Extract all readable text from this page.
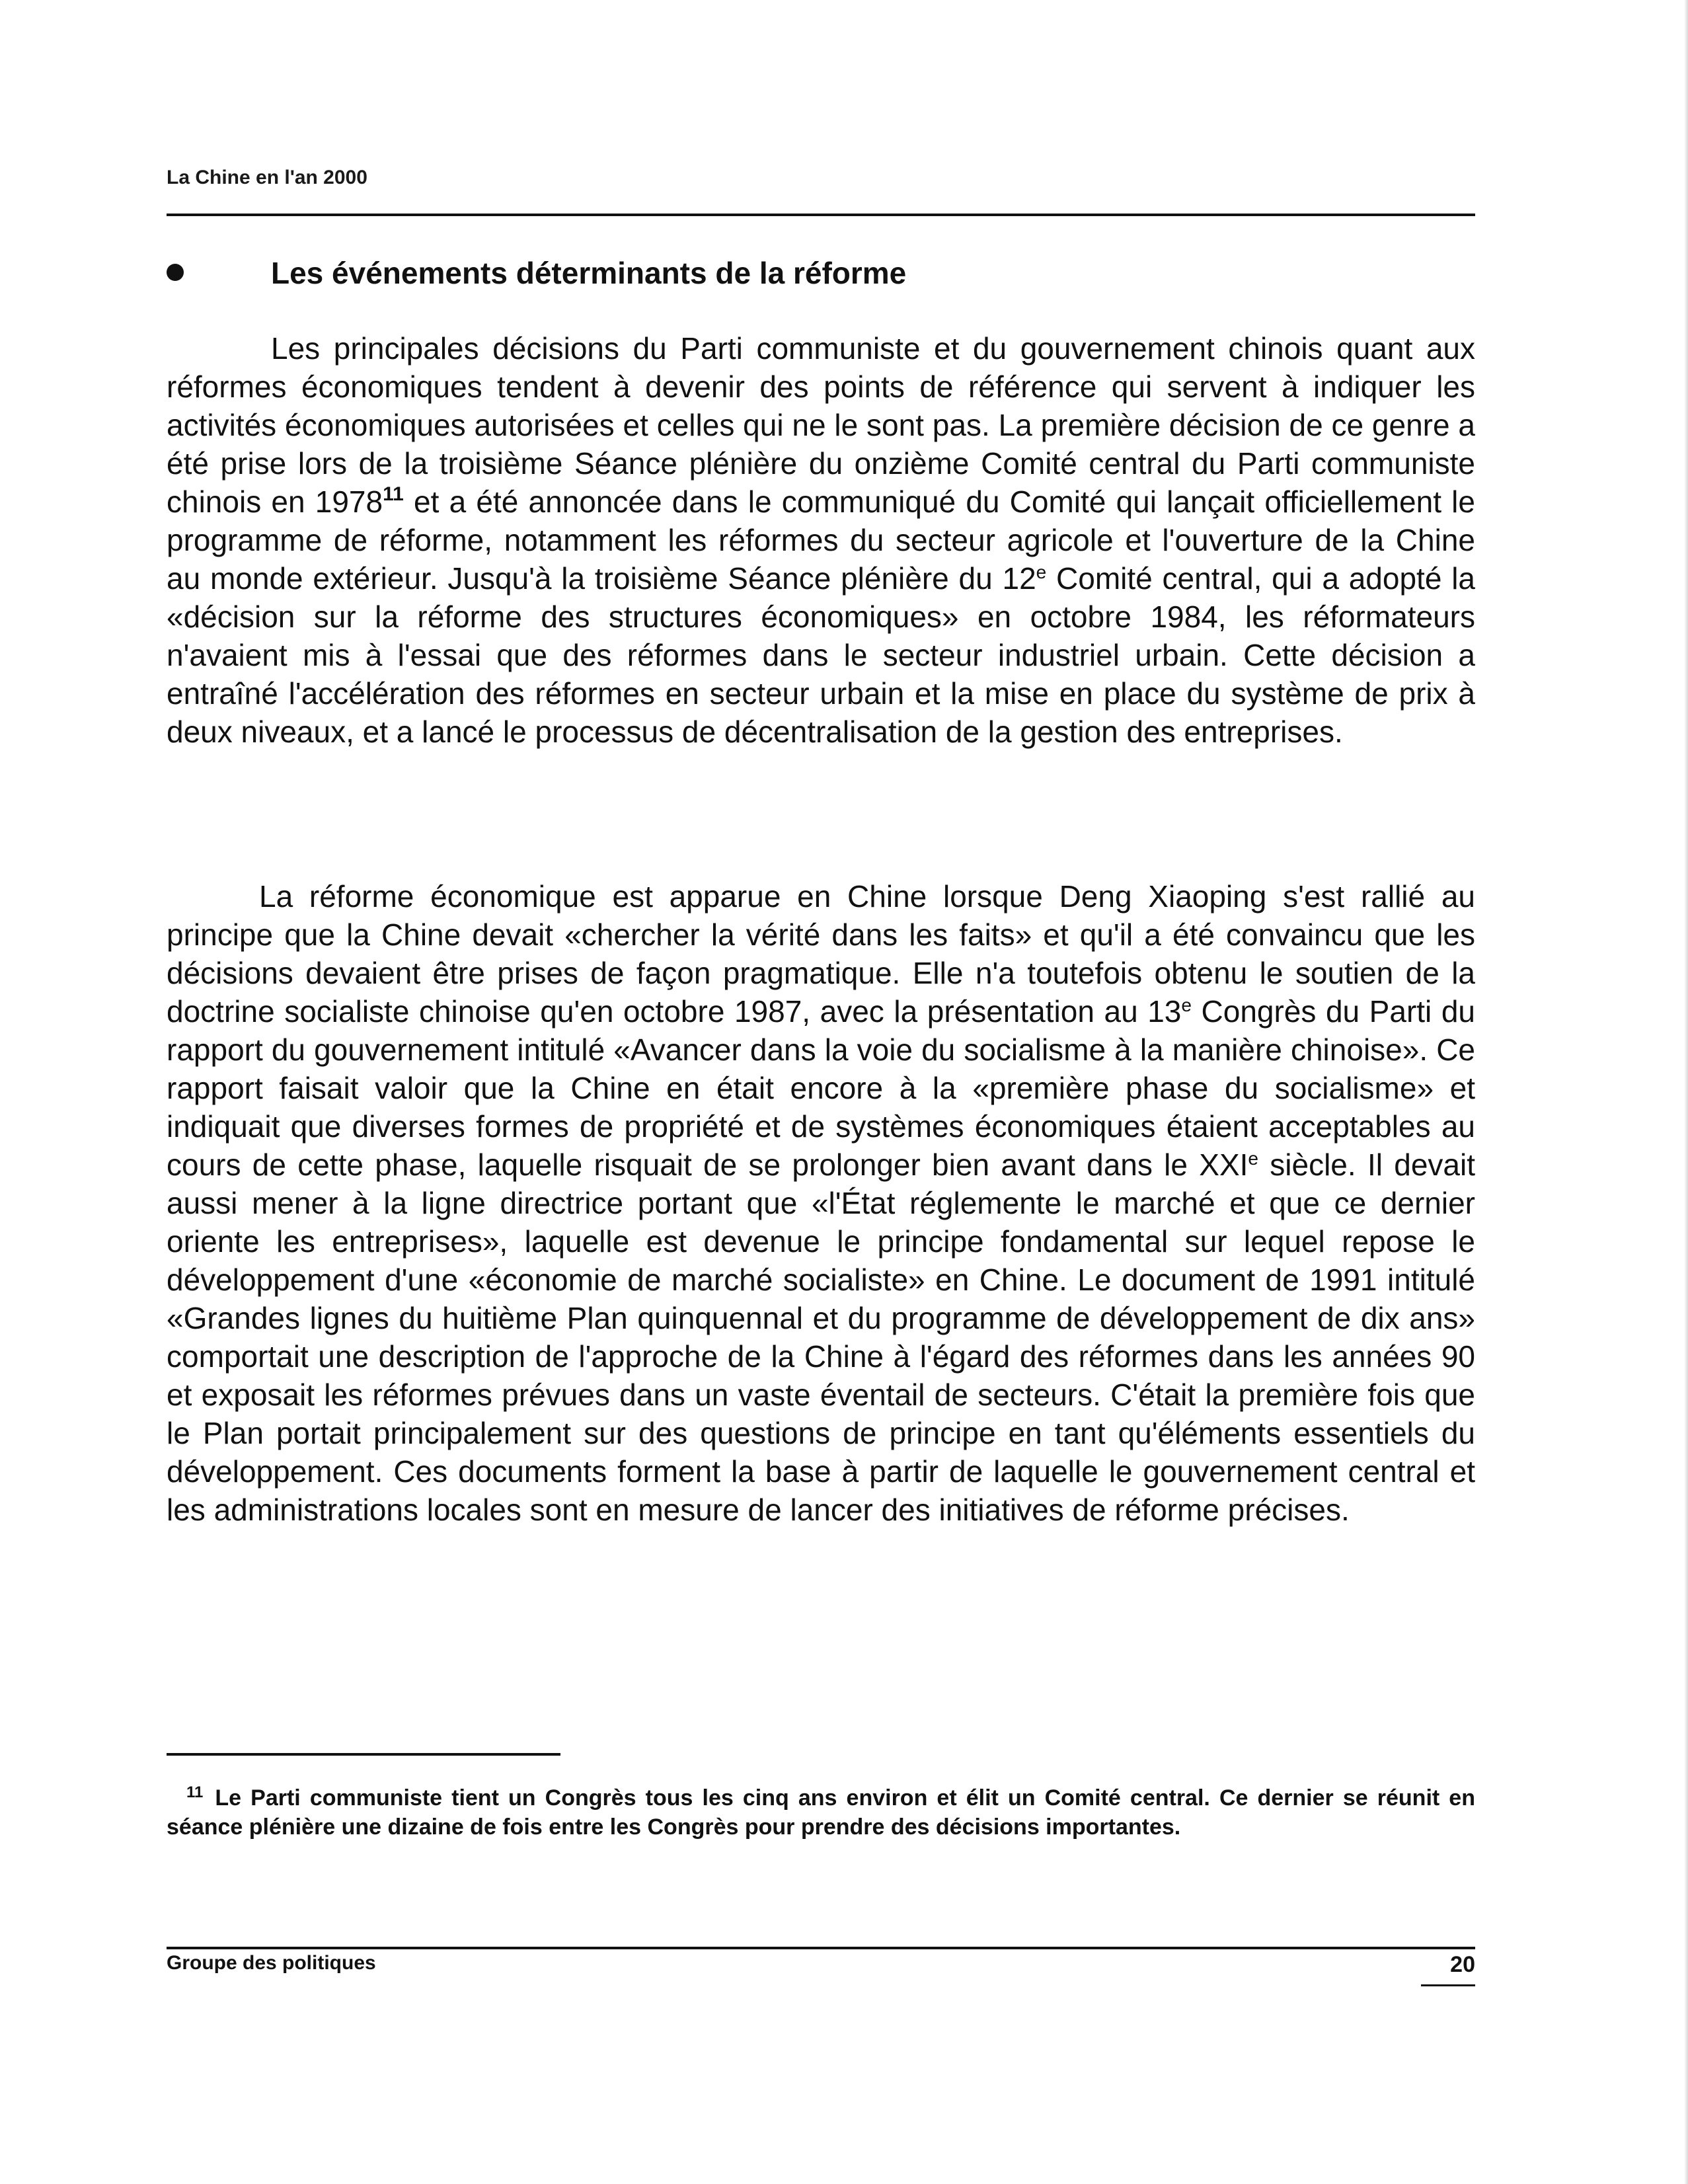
La Chine en l'an 2000
Les événements déterminants de la réforme

Les principales décisions du Parti communiste et du gouvernement chinois quant aux réformes économiques tendent à devenir des points de référence qui servent à indiquer les activités économiques autorisées et celles qui ne le sont pas. La première décision de ce genre a été prise lors de la troisième Séance plénière du onzième Comité central du Parti communiste chinois en 1978$^{11}$ et a été annoncée dans le communiqué du Comité qui lançait officiellement le programme de réforme, notamment les réformes du secteur agricole et l'ouverture de la Chine au monde extérieur. Jusqu'à la troisième Séance plénière du 12e Comité central, qui a adopté la «décision sur la réforme des structures économiques» en octobre 1984, les réformateurs n'avaient mis à l'essai que des réformes dans le secteur industriel urbain. Cette décision a entraîné l'accélération des réformes en secteur urbain et la mise en place du système de prix à deux niveaux, et a lancé le processus de décentralisation de la gestion des entreprises.

La réforme économique est apparue en Chine lorsque Deng Xiaoping s'est rallié au principe que la Chine devait «chercher la vérité dans les faits» et qu'il a été convaincu que les décisions devaient être prises de façon pragmatique. Elle n'a toutefois obtenu le soutien de la doctrine socialiste chinoise qu'en octobre 1987, avec la présentation au 13e Congrès du Parti du rapport du gouvernement intitulé «Avancer dans la voie du socialisme à la manière chinoise». Ce rapport faisait valoir que la Chine en était encore à la «première phase du socialisme» et indiquait que diverses formes de propriété et de systèmes économiques étaient acceptables au cours de cette phase, laquelle risquait de se prolonger bien avant dans le XXIe siècle. Il devait aussi mener à la ligne directrice portant que «l'État réglemente le marché et que ce dernier oriente les entreprises», laquelle est devenue le principe fondamental sur lequel repose le développement d'une «économie de marché socialiste» en Chine. Le document de 1991 intitulé «Grandes lignes du huitième Plan quinquennal et du programme de développement de dix ans» comportait une description de l'approche de la Chine à l'égard des réformes dans les années 90 et exposait les réformes prévues dans un vaste éventail de secteurs. C'était la première fois que le Plan portait principalement sur des questions de principe en tant qu'éléments essentiels du développement. Ces documents forment la base à partir de laquelle le gouvernement central et les administrations locales sont en mesure de lancer des initiatives de réforme précises.

$^{11}$ Le Parti communiste tient un Congrès tous les cinq ans environ et élit un Comité central. Ce dernier se réunit en séance plénière une dizaine de fois entre les Congrès pour prendre des décisions importantes.

Groupe des politiques	20
